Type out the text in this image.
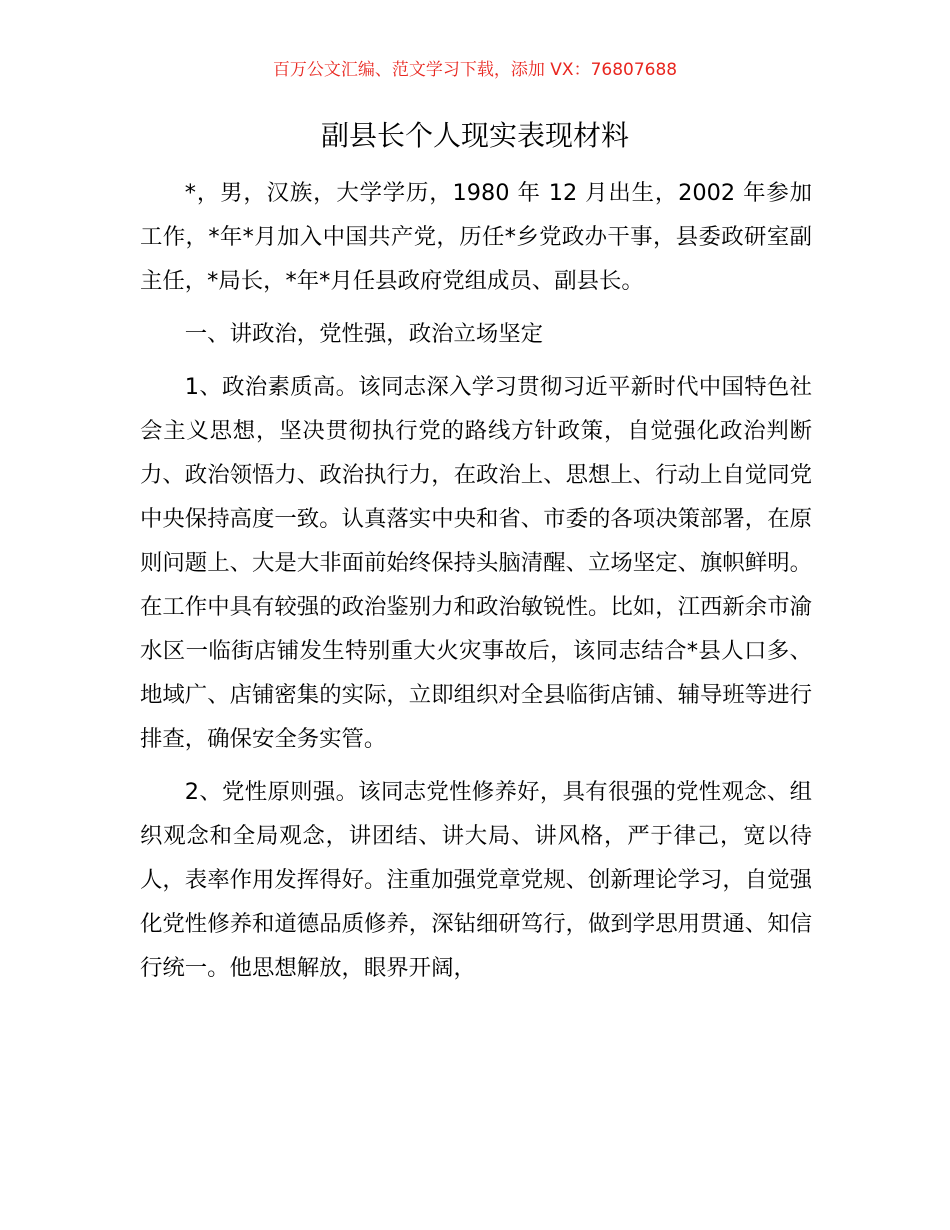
百万公文汇编、范文学习下载，添加 VX：76807688
副县长个人现实表现材料

*，男，汉族，大学学历，1980 年 12 月出生，2002 年参加工作，*年*月加入中国共产党，历任*乡党政办干事，县委政研室副主任，*局长，*年*月任县政府党组成员、副县长。

一、讲政治，党性强，政治立场坚定

1、政治素质高。该同志深入学习贯彻习近平新时代中国特色社会主义思想，坚决贯彻执行党的路线方针政策，自觉强化政治判断力、政治领悟力、政治执行力，在政治上、思想上、行动上自觉同党中央保持高度一致。认真落实中央和省、市委的各项决策部署，在原则问题上、大是大非面前始终保持头脑清醒、立场坚定、旗帜鲜明。在工作中具有较强的政治鉴别力和政治敏锐性。比如，江西新余市渝水区一临街店铺发生特别重大火灾事故后，该同志结合*县人口多、地域广、店铺密集的实际，立即组织对全县临街店铺、辅导班等进行排查，确保安全务实管。

2、党性原则强。该同志党性修养好，具有很强的党性观念、组织观念和全局观念，讲团结、讲大局、讲风格，严于律己，宽以待人，表率作用发挥得好。注重加强党章党规、创新理论学习，自觉强化党性修养和道德品质修养，深钻细研笃行，做到学思用贯通、知信行统一。他思想解放，眼界开阔，
